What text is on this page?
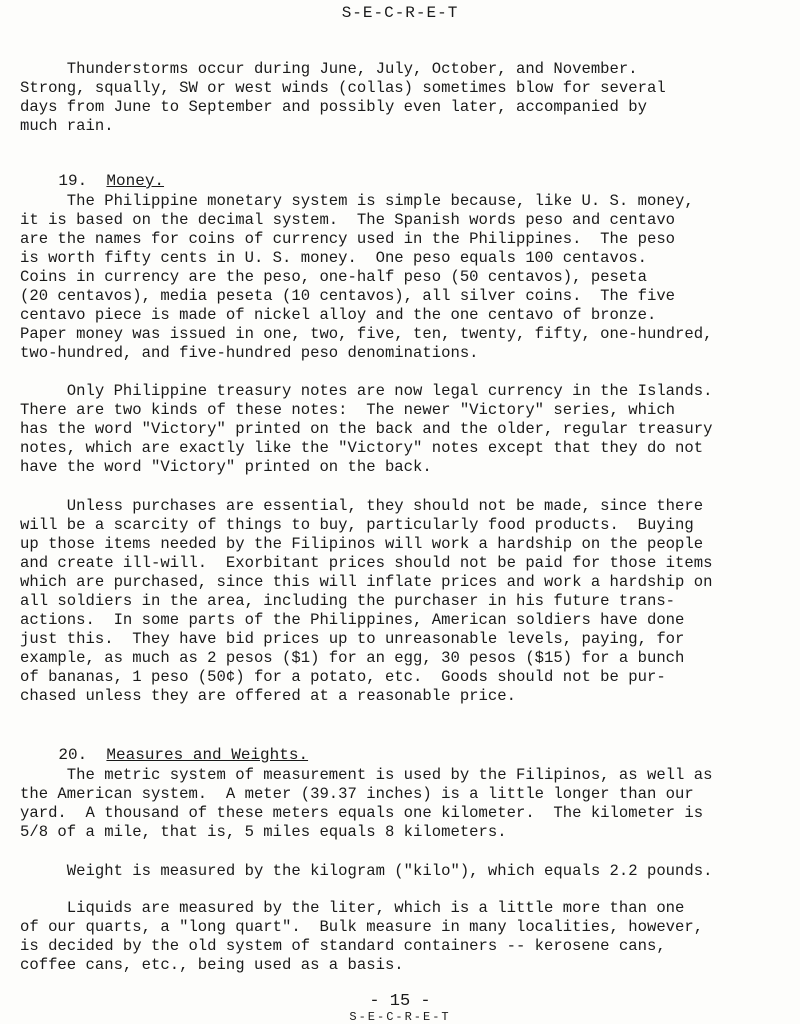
S-E-C-R-E-T
Thunderstorms occur during June, July, October, and November.
Strong, squally, SW or west winds (collas) sometimes blow for several
days from June to September and possibly even later, accompanied by
much rain.

19. Money.

The Philippine monetary system is simple because, like U. S. money,
it is based on the decimal system.  The Spanish words peso and centavo
are the names for coins of currency used in the Philippines.  The peso
is worth fifty cents in U. S. money.  One peso equals 100 centavos.
Coins in currency are the peso, one-half peso (50 centavos), peseta
(20 centavos), media peseta (10 centavos), all silver coins.  The five
centavo piece is made of nickel alloy and the one centavo of bronze.
Paper money was issued in one, two, five, ten, twenty, fifty, one-hundred,
two-hundred, and five-hundred peso denominations.
Only Philippine treasury notes are now legal currency in the Islands.
There are two kinds of these notes:  The newer "Victory" series, which
has the word "Victory" printed on the back and the older, regular treasury
notes, which are exactly like the "Victory" notes except that they do not
have the word "Victory" printed on the back.
Unless purchases are essential, they should not be made, since there
will be a scarcity of things to buy, particularly food products.  Buying
up those items needed by the Filipinos will work a hardship on the people
and create ill-will.  Exorbitant prices should not be paid for those items
which are purchased, since this will inflate prices and work a hardship on
all soldiers in the area, including the purchaser in his future trans-
actions.  In some parts of the Philippines, American soldiers have done
just this.  They have bid prices up to unreasonable levels, paying, for
example, as much as 2 pesos ($1) for an egg, 30 pesos ($15) for a bunch
of bananas, 1 peso (50¢) for a potato, etc.  Goods should not be pur-
chased unless they are offered at a reasonable price.

20. Measures and Weights.

The metric system of measurement is used by the Filipinos, as well as
the American system.  A meter (39.37 inches) is a little longer than our
yard.  A thousand of these meters equals one kilometer.  The kilometer is
5/8 of a mile, that is, 5 miles equals 8 kilometers.
Weight is measured by the kilogram ("kilo"), which equals 2.2 pounds.
Liquids are measured by the liter, which is a little more than one
of our quarts, a "long quart".  Bulk measure in many localities, however,
is decided by the old system of standard containers -- kerosene cans,
coffee cans, etc., being used as a basis.
- 15 -
S-E-C-R-E-T
